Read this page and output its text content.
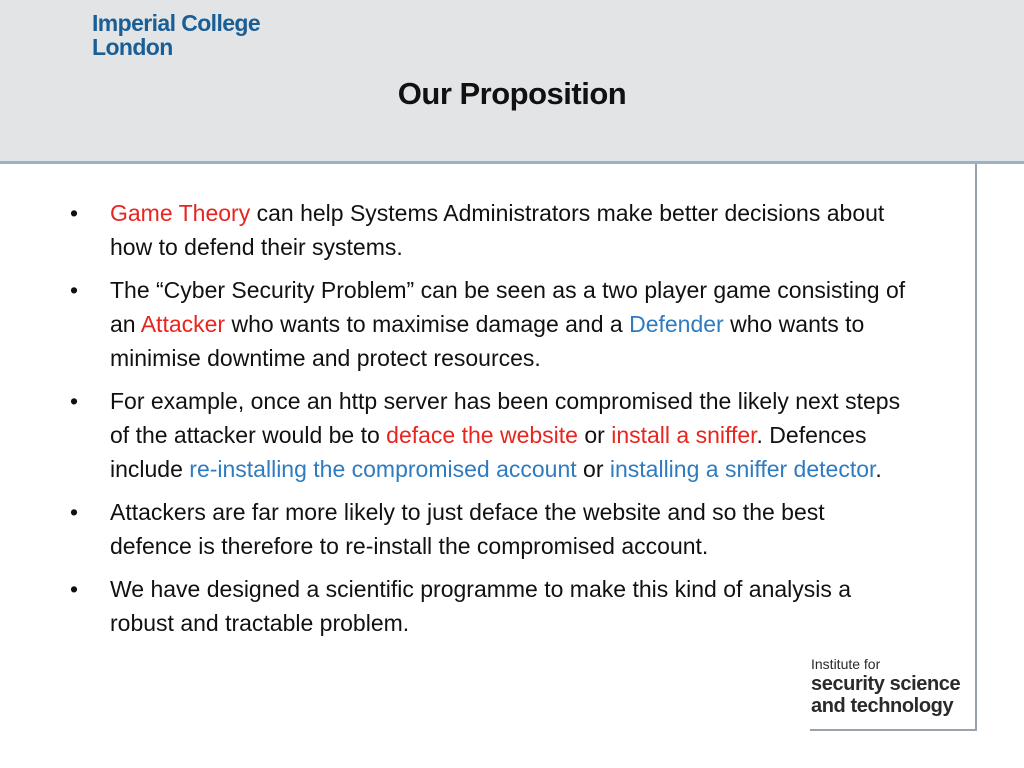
Imperial College
London
Our Proposition
•	Game Theory can help Systems Administrators make better decisions about how to defend their systems.
•	The “Cyber Security Problem” can be seen as a two player game consisting of an Attacker who wants to maximise damage and a Defender who wants to minimise downtime and protect resources.
•	For example, once an http server has been compromised the likely next steps of the attacker would be to deface the website or install a sniffer. Defences include re-installing the compromised account or installing a sniffer detector.
•	Attackers are far more likely to just deface the website and so the best defence is therefore to re-install the compromised account.
•	We have designed a scientific programme to make this kind of analysis a robust and tractable problem.
Institute for
security science
and technology
